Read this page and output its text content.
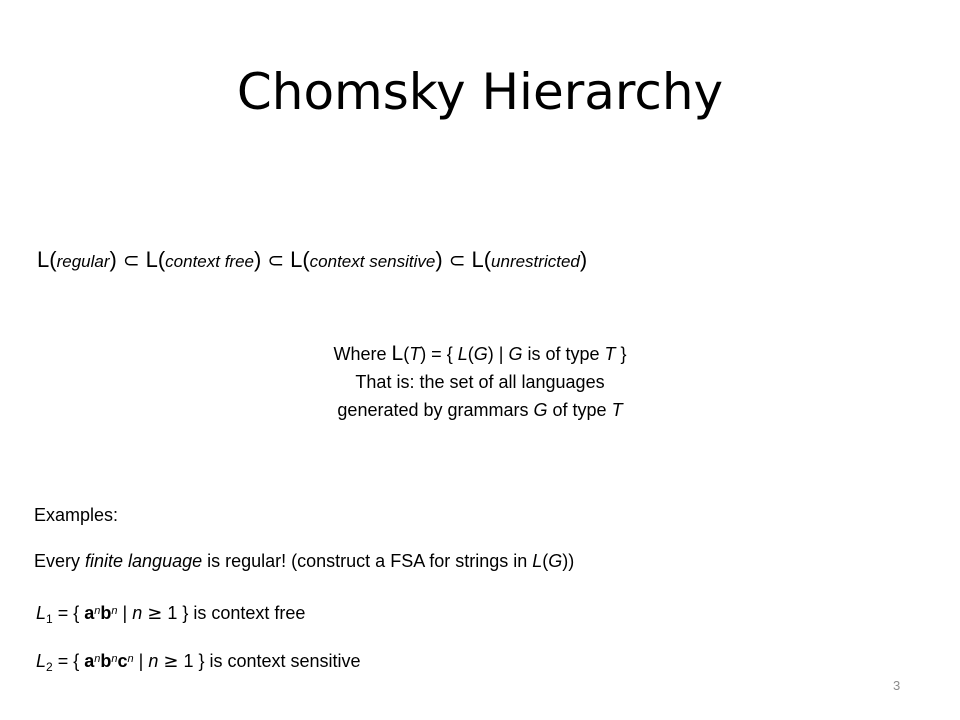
Chomsky Hierarchy
L(regular) ⊂ L(context free) ⊂ L(context sensitive) ⊂ L(unrestricted)
Where L(T) = { L(G) | G is of type T }
That is: the set of all languages
generated by grammars G of type T
Examples:
Every finite language is regular! (construct a FSA for strings in L(G))
$L_1$ = { $a^nb^n$ | n ≥ 1 } is context free
$L_2$ = { $a^nb^nc^n$ | n ≥ 1 } is context sensitive
3
